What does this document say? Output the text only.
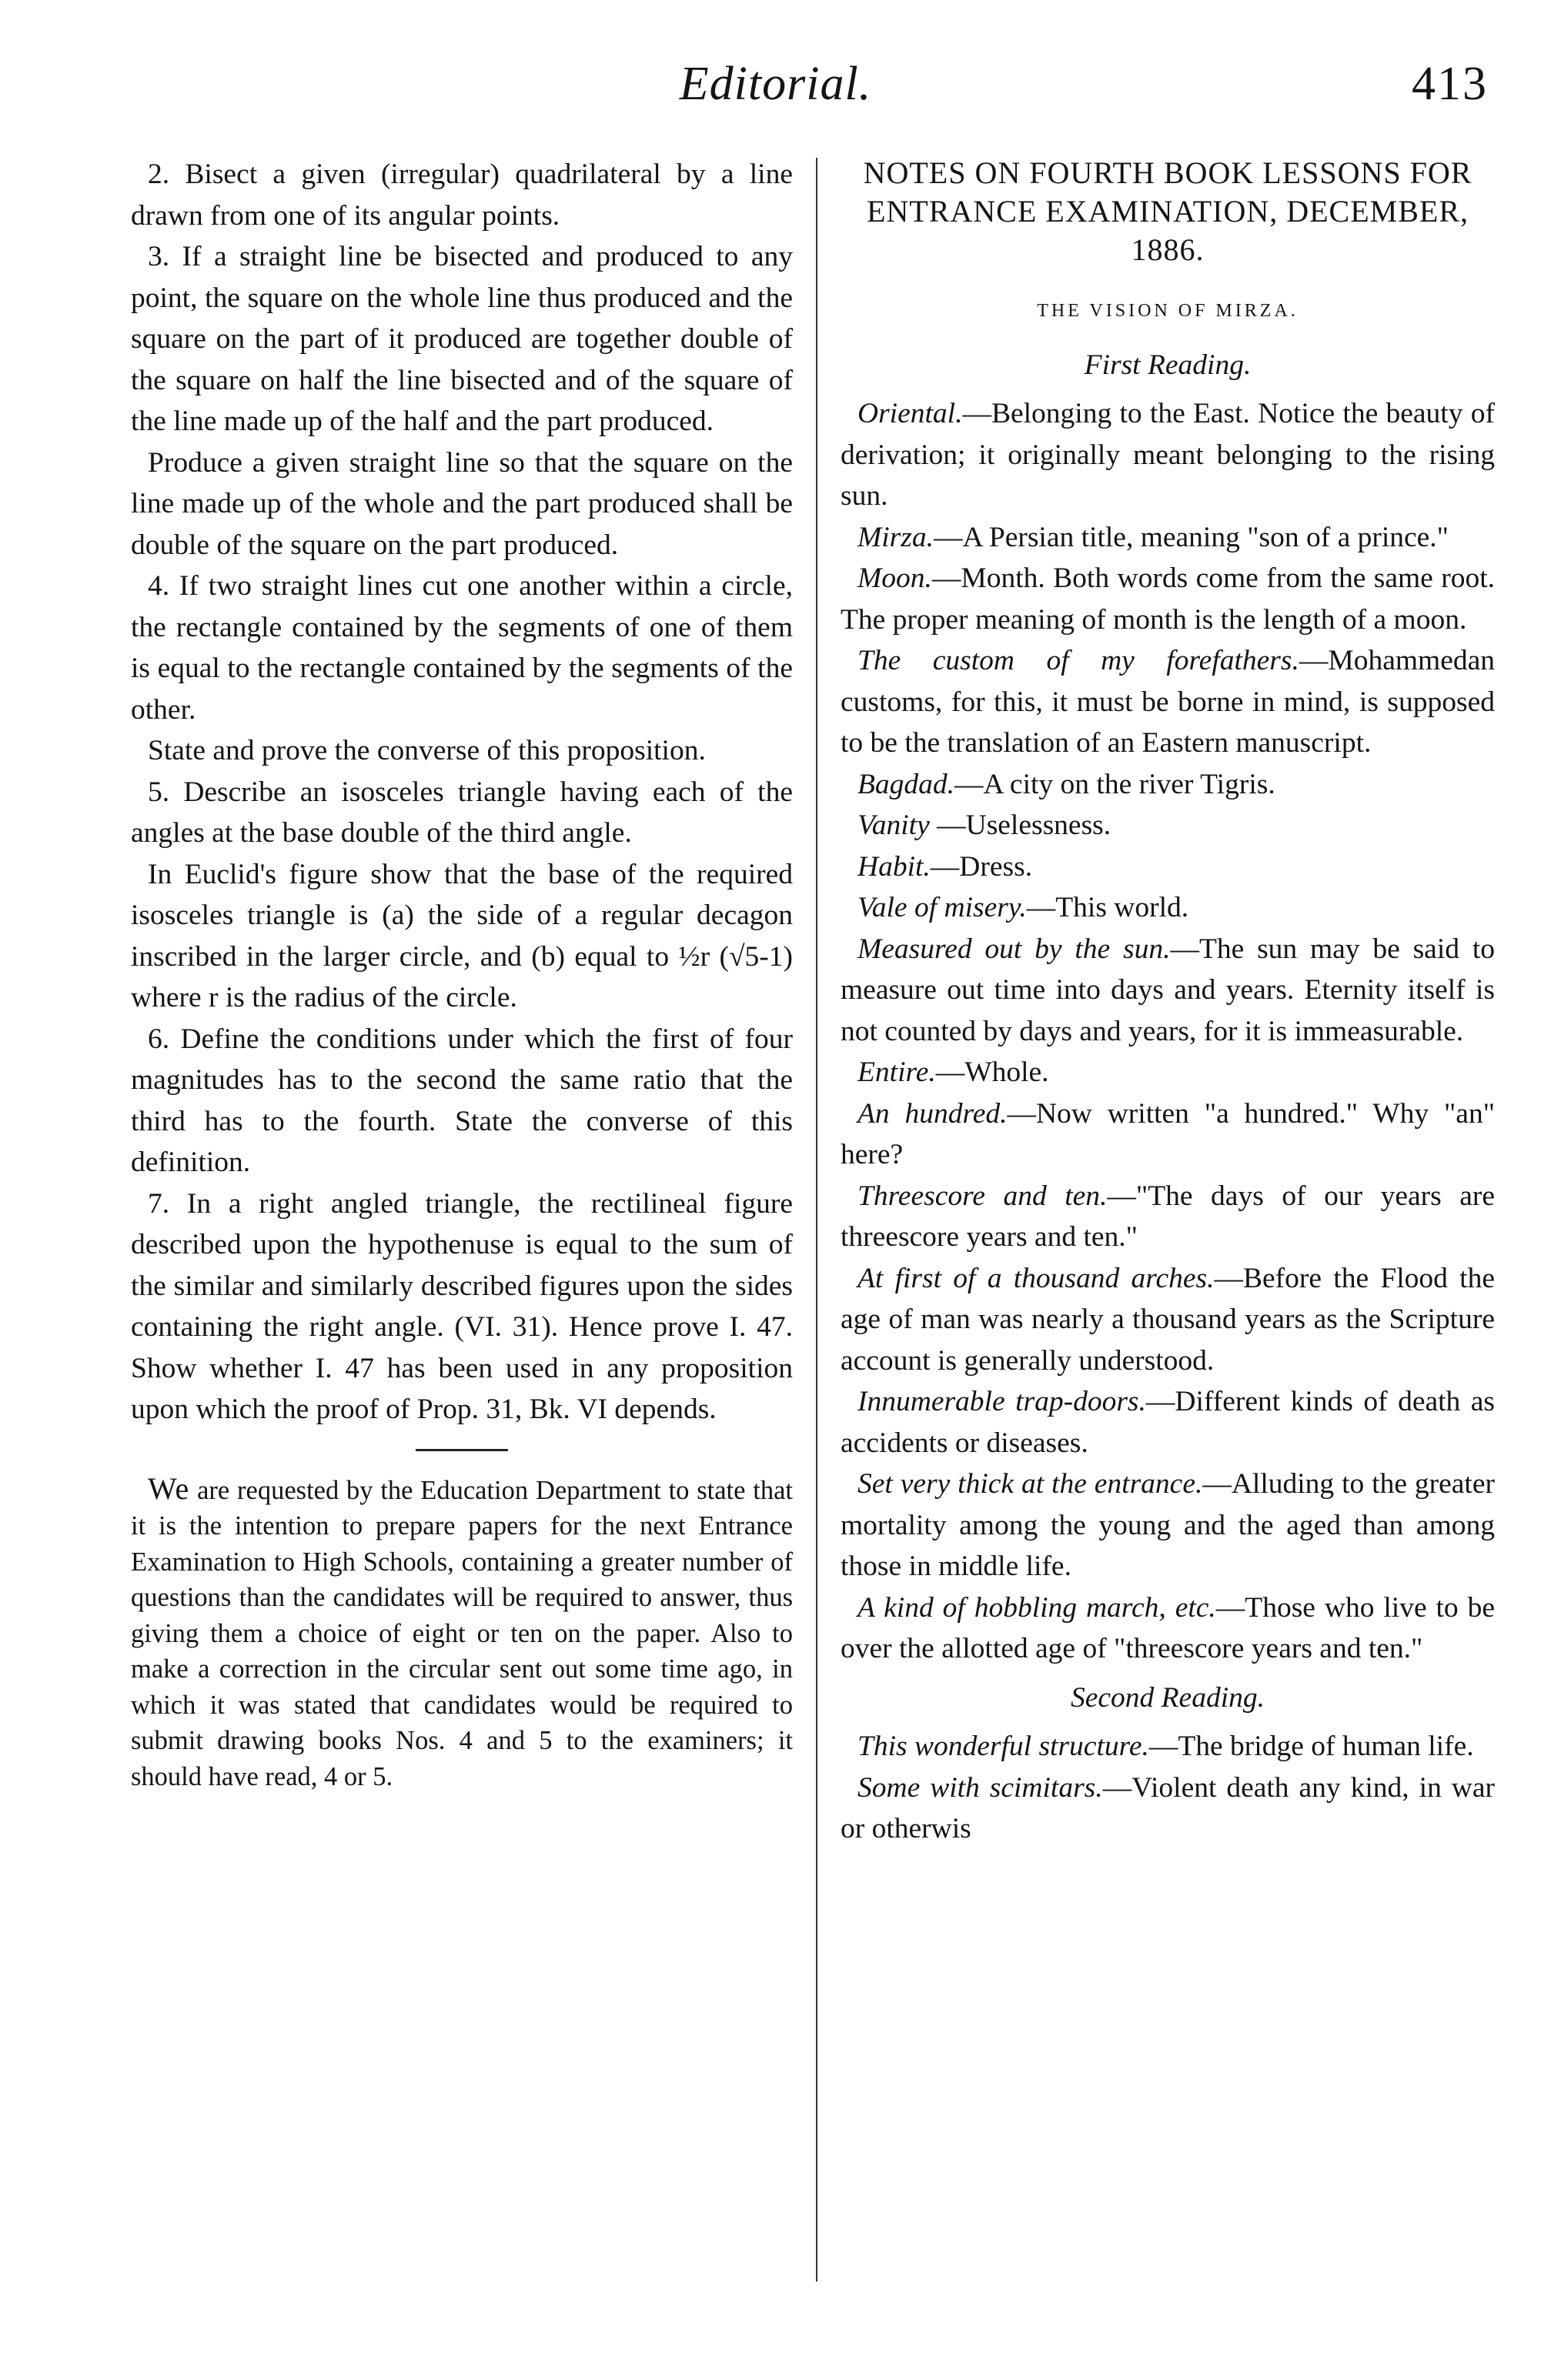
Editorial.	413

2. Bisect a given (irregular) quadrilateral by a line drawn from one of its angular points.

3. If a straight line be bisected and produced to any point, the square on the whole line thus produced and the square on the part of it produced are together double of the square on half the line bisected and of the square of the line made up of the half and the part produced.

Produce a given straight line so that the square on the line made up of the whole and the part produced shall be double of the square on the part produced.

4. If two straight lines cut one another within a circle, the rectangle contained by the segments of one of them is equal to the rectangle contained by the segments of the other.

State and prove the converse of this proposition.

5. Describe an isosceles triangle having each of the angles at the base double of the third angle.

In Euclid's figure show that the base of the required isosceles triangle is (a) the side of a regular decagon inscribed in the larger circle, and (b) equal to ½r (√5-1) where r is the radius of the circle.

6. Define the conditions under which the first of four magnitudes has to the second the same ratio that the third has to the fourth. State the converse of this definition.

7. In a right angled triangle, the rectilineal figure described upon the hypothenuse is equal to the sum of the similar and similarly described figures upon the sides containing the right angle. (VI. 31). Hence prove I. 47. Show whether I. 47 has been used in any proposition upon which the proof of Prop. 31, Bk. VI depends.

We are requested by the Education Department to state that it is the intention to prepare papers for the next Entrance Examination to High Schools, containing a greater number of questions than the candidates will be required to answer, thus giving them a choice of eight or ten on the paper. Also to make a correction in the circular sent out some time ago, in which it was stated that candidates would be required to submit drawing books Nos. 4 and 5 to the examiners; it should have read, 4 or 5.

NOTES ON FOURTH BOOK LESSONS FOR ENTRANCE EXAMINATION, DECEMBER, 1886.
THE VISION OF MIRZA.
First Reading.

Oriental.—Belonging to the East. Notice the beauty of derivation; it originally meant belonging to the rising sun.

Mirza.—A Persian title, meaning "son of a prince."

Moon.—Month. Both words come from the same root. The proper meaning of month is the length of a moon.

The custom of my forefathers.—Mohammedan customs, for this, it must be borne in mind, is supposed to be the translation of an Eastern manuscript.

Bagdad.—A city on the river Tigris.

Vanity —Uselessness.

Habit.—Dress.

Vale of misery.—This world.

Measured out by the sun.—The sun may be said to measure out time into days and years. Eternity itself is not counted by days and years, for it is immeasurable.

Entire.—Whole.

An hundred.—Now written "a hundred." Why "an" here?

Threescore and ten.—"The days of our years are threescore years and ten."

At first of a thousand arches.—Before the Flood the age of man was nearly a thousand years as the Scripture account is generally understood.

Innumerable trap-doors.—Different kinds of death as accidents or diseases.

Set very thick at the entrance.—Alluding to the greater mortality among the young and the aged than among those in middle life.

A kind of hobbling march, etc.—Those who live to be over the allotted age of "threescore years and ten."

Second Reading.

This wonderful structure.—The bridge of human life.

Some with scimitars.—Violent death any kind, in war or otherwis
